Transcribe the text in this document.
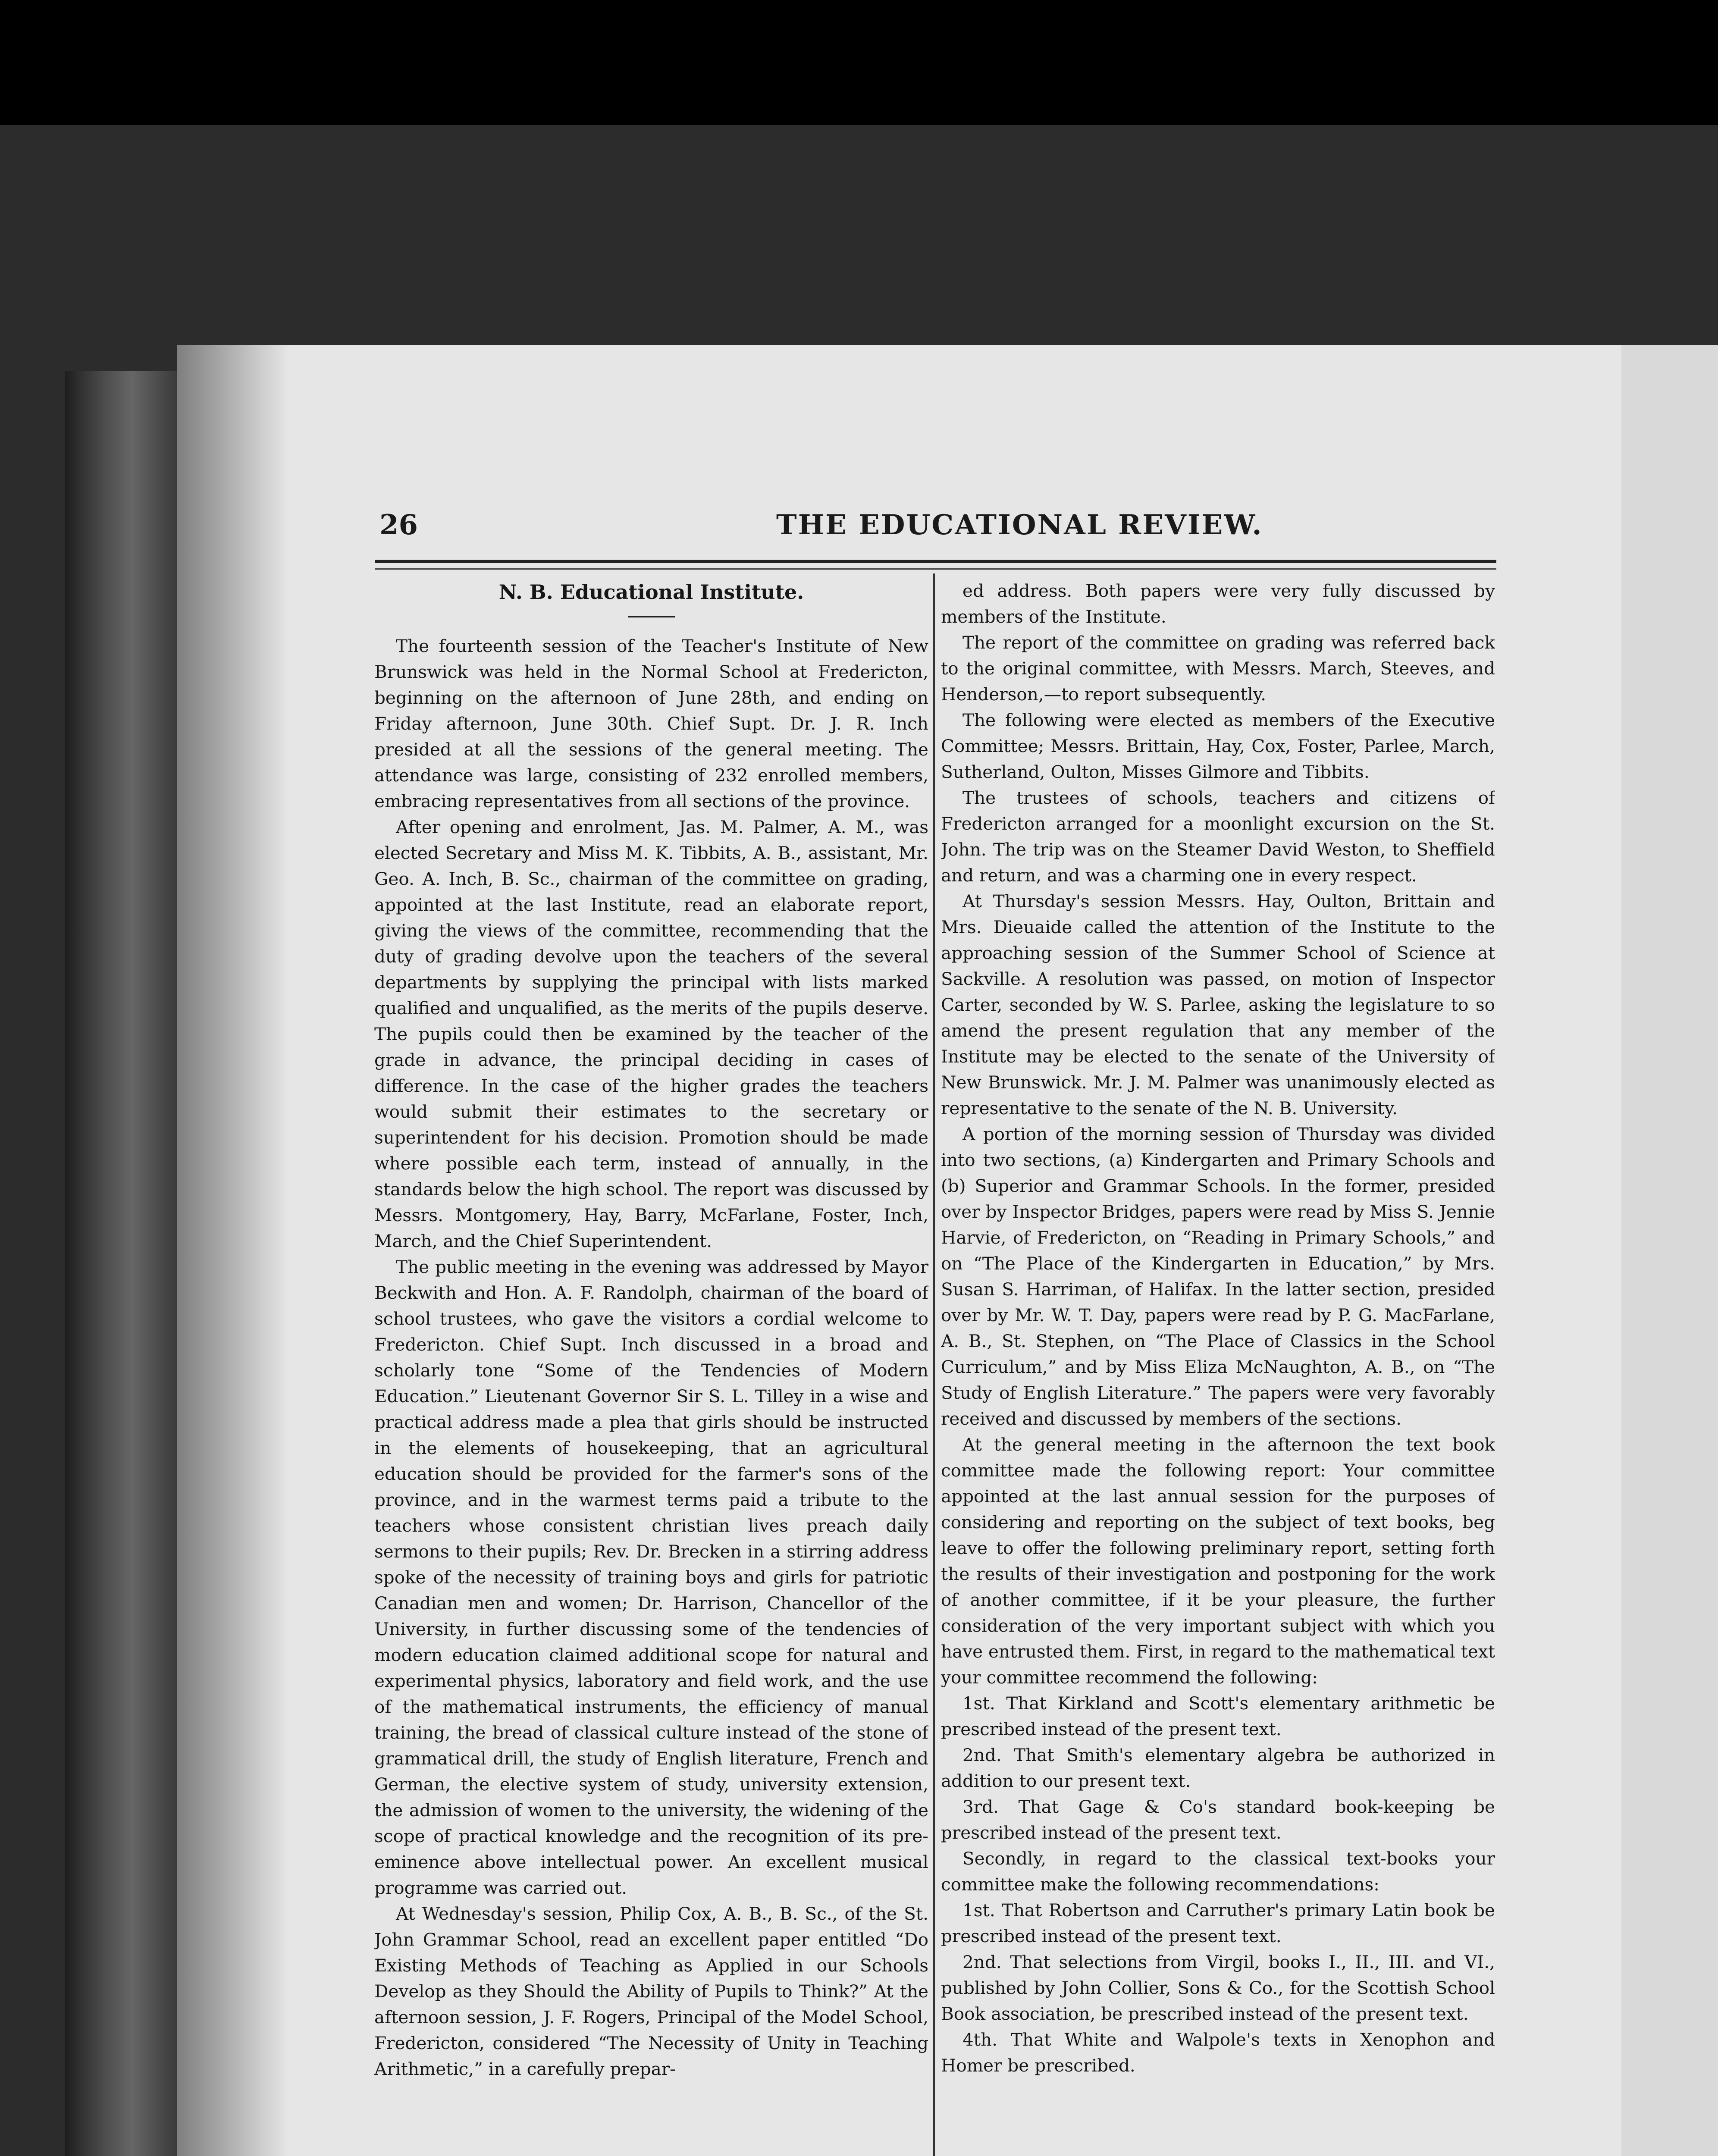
26	THE EDUCATIONAL REVIEW.
N. B. Educational Institute.

The fourteenth session of the Teacher's Institute of New Brunswick was held in the Normal School at Fredericton, beginning on the afternoon of June 28th, and ending on Friday afternoon, June 30th. Chief Supt. Dr. J. R. Inch presided at all the sessions of the general meeting. The attendance was large, consisting of 232 enrolled members, embracing representatives from all sections of the province.

After opening and enrolment, Jas. M. Palmer, A. M., was elected Secretary and Miss M. K. Tibbits, A. B., assistant, Mr. Geo. A. Inch, B. Sc., chairman of the committee on grading, appointed at the last Institute, read an elaborate report, giving the views of the committee, recommending that the duty of grading devolve upon the teachers of the several departments by supplying the principal with lists marked qualified and unqualified, as the merits of the pupils deserve. The pupils could then be examined by the teacher of the grade in advance, the principal deciding in cases of difference. In the case of the higher grades the teachers would submit their estimates to the secretary or superintendent for his decision. Promotion should be made where possible each term, instead of annually, in the standards below the high school. The report was discussed by Messrs. Montgomery, Hay, Barry, McFarlane, Foster, Inch, March, and the Chief Superintendent.

The public meeting in the evening was addressed by Mayor Beckwith and Hon. A. F. Randolph, chairman of the board of school trustees, who gave the visitors a cordial welcome to Fredericton. Chief Supt. Inch discussed in a broad and scholarly tone “Some of the Tendencies of Modern Education.” Lieutenant Governor Sir S. L. Tilley in a wise and practical address made a plea that girls should be instructed in the elements of housekeeping, that an agricultural education should be provided for the farmer's sons of the province, and in the warmest terms paid a tribute to the teachers whose consistent christian lives preach daily sermons to their pupils; Rev. Dr. Brecken in a stirring address spoke of the necessity of training boys and girls for patriotic Canadian men and women; Dr. Harrison, Chancellor of the University, in further discussing some of the tendencies of modern education claimed additional scope for natural and experimental physics, laboratory and field work, and the use of the mathematical instruments, the efficiency of manual training, the bread of classical culture instead of the stone of grammatical drill, the study of English literature, French and German, the elective system of study, university extension, the admission of women to the university, the widening of the scope of practical knowledge and the recognition of its pre-eminence above intellectual power. An excellent musical programme was carried out.

At Wednesday's session, Philip Cox, A. B., B. Sc., of the St. John Grammar School, read an excellent paper entitled “Do Existing Methods of Teaching as Applied in our Schools Develop as they Should the Ability of Pupils to Think?” At the afternoon session, J. F. Rogers, Principal of the Model School, Fredericton, considered “The Necessity of Unity in Teaching Arithmetic,” in a carefully prepar-

ed address. Both papers were very fully discussed by members of the Institute.

The report of the committee on grading was referred back to the original committee, with Messrs. March, Steeves, and Henderson,—to report subsequently.

The following were elected as members of the Executive Committee; Messrs. Brittain, Hay, Cox, Foster, Parlee, March, Sutherland, Oulton, Misses Gilmore and Tibbits.

The trustees of schools, teachers and citizens of Fredericton arranged for a moonlight excursion on the St. John. The trip was on the Steamer David Weston, to Sheffield and return, and was a charming one in every respect.

At Thursday's session Messrs. Hay, Oulton, Brittain and Mrs. Dieuaide called the attention of the Institute to the approaching session of the Summer School of Science at Sackville. A resolution was passed, on motion of Inspector Carter, seconded by W. S. Parlee, asking the legislature to so amend the present regulation that any member of the Institute may be elected to the senate of the University of New Brunswick. Mr. J. M. Palmer was unanimously elected as representative to the senate of the N. B. University.

A portion of the morning session of Thursday was divided into two sections, (a) Kindergarten and Primary Schools and (b) Superior and Grammar Schools. In the former, presided over by Inspector Bridges, papers were read by Miss S. Jennie Harvie, of Fredericton, on “Reading in Primary Schools,” and on “The Place of the Kindergarten in Education,” by Mrs. Susan S. Harriman, of Halifax. In the latter section, presided over by Mr. W. T. Day, papers were read by P. G. MacFarlane, A. B., St. Stephen, on “The Place of Classics in the School Curriculum,” and by Miss Eliza McNaughton, A. B., on “The Study of English Literature.” The papers were very favorably received and discussed by members of the sections.

At the general meeting in the afternoon the text book committee made the following report: Your committee appointed at the last annual session for the purposes of considering and reporting on the subject of text books, beg leave to offer the following preliminary report, setting forth the results of their investigation and postponing for the work of another committee, if it be your pleasure, the further consideration of the very important subject with which you have entrusted them. First, in regard to the mathematical text your committee recommend the following:

1st. That Kirkland and Scott's elementary arithmetic be prescribed instead of the present text.

2nd. That Smith's elementary algebra be authorized in addition to our present text.

3rd. That Gage & Co's standard book-keeping be prescribed instead of the present text.

Secondly, in regard to the classical text-books your committee make the following recommendations:

1st. That Robertson and Carruther's primary Latin book be prescribed instead of the present text.

2nd. That selections from Virgil, books I., II., III. and VI., published by John Collier, Sons & Co., for the Scottish School Book association, be prescribed instead of the present text.

4th. That White and Walpole's texts in Xenophon and Homer be prescribed.
